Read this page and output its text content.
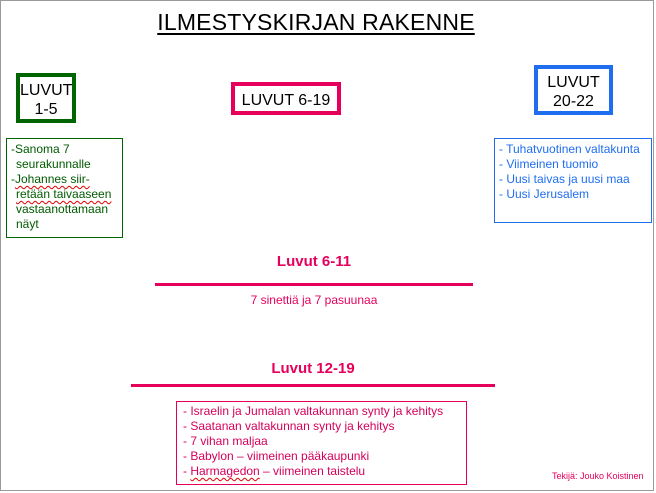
ILMESTYSKIRJAN RAKENNE
LUVUT
1-5
LUVUT 6-19
LUVUT
20-22
-Sanoma 7
seurakunnalle
-Johannes siir-
retään taivaaseen
vastaanottamaan
näyt
- Tuhatvuotinen valtakunta
- Viimeinen tuomio
- Uusi taivas ja uusi maa
- Uusi Jerusalem
Luvut 6-11
7 sinettiä ja 7 pasuunaa
Luvut 12-19
- Israelin ja Jumalan valtakunnan synty ja kehitys
- Saatanan valtakunnan synty ja kehitys
- 7 vihan maljaa
- Babylon – viimeinen pääkaupunki
- Harmagedon – viimeinen taistelu	Tekijä: Jouko Koistinen
